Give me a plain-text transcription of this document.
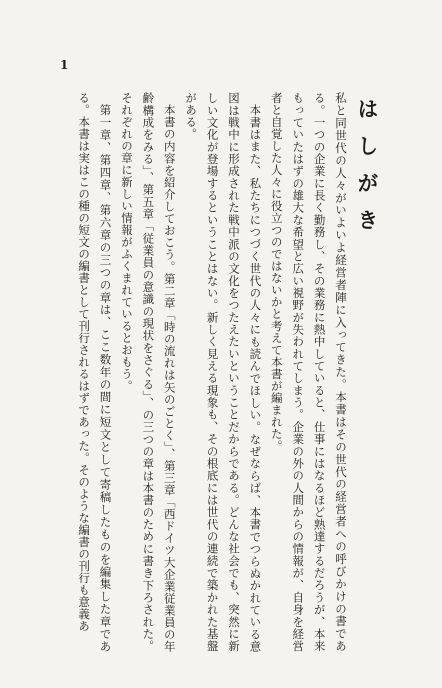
1
はしがき

私と同世代の人々がいよいよ経営者陣に入ってきた。本書はその世代の経営者への呼びかけの書である。一つの企業に長く勤務し、その業務に熱中していると、仕事にはなるほど熟達するだろうが、本来もっていたはずの雄大な希望と広い視野が失われてしまう。企業の外の人間からの情報が、自身を経営者と自覚した人々に役立つのではないかと考えて本書が編まれた。

本書はまた、私たちにつづく世代の人々にも読んでほしい。なぜならば、本書でつらぬかれている意図は戦中に形成された戦中派の文化をつたえたいということだからである。どんな社会でも、突然に新しい文化が登場するということはない。新しく見える現象も、その根底には世代の連続で築かれた基盤がある。

本書の内容を紹介しておこう。第二章「時の流れは矢のごとく」、第三章「西ドイツ大企業従業員の年齢構成をみる」、第五章「従業員の意識の現状をさぐる」、の三つの章は本書のために書き下ろされた。それぞれの章に新しい情報がふくまれているとおもう。

第一章、第四章、第六章の三つの章は、ここ数年の間に短文として寄稿したものを編集した章である。本書は実はこの種の短文の編書として刊行されるはずであった。そのような編書の刊行も意義あ
